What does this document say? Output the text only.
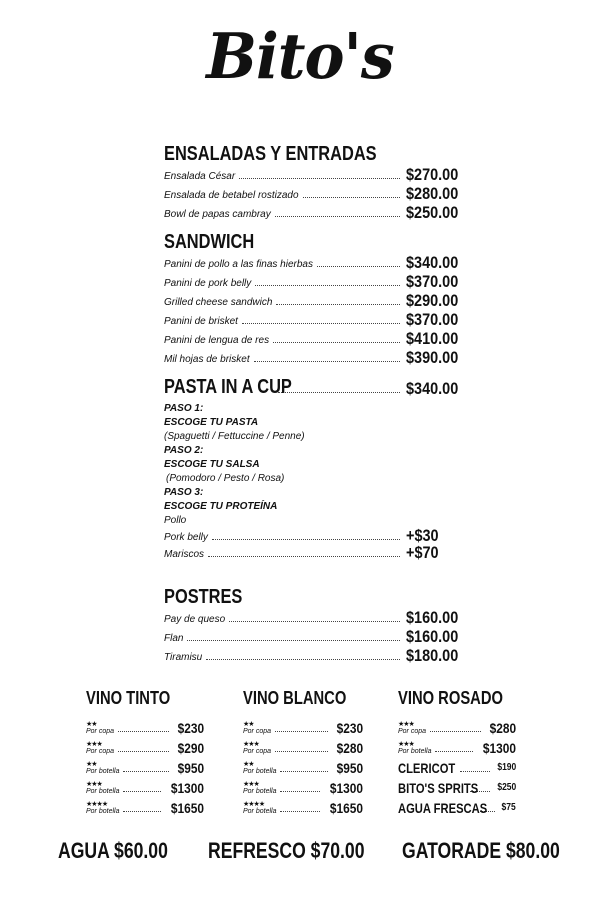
Bito's
ENSALADAS Y ENTRADAS
Ensalada César	$270.00
Ensalada de betabel rostizado	$280.00
Bowl de papas cambray	$250.00
SANDWICH
Panini de pollo a las finas hierbas	$340.00
Panini de pork belly	$370.00
Grilled cheese sandwich	$290.00
Panini de brisket	$370.00
Panini de lengua de res	$410.00
Mil hojas de brisket	$390.00
PASTA IN A CUP	$340.00
PASO 1:
ESCOGE TU PASTA
(Spaguetti / Fettuccine / Penne)
PASO 2:
ESCOGE TU SALSA
(Pomodoro / Pesto / Rosa)
PASO 3:
ESCOGE TU PROTEÍNA
Pollo
Pork belly	+$30
Mariscos	+$70
POSTRES
Pay de queso	$160.00
Flan	$160.00
Tiramisu	$180.00
VINO TINTO
★★
Por copa	$230
★★★
Por copa	$290
★★
Por botella	$950
★★★
Por botella	$1300
★★★★
Por botella	$1650
VINO BLANCO
★★
Por copa	$230
★★★
Por copa	$280
★★
Por botella	$950
★★★
Por botella	$1300
★★★★
Por botella	$1650
VINO ROSADO
★★★
Por copa	$280
★★★
Por botella	$1300
CLERICOT	$190
BITO'S SPRITS $250
AGUA FRESCAS $75
AGUA $60.00 REFRESCO $70.00 GATORADE $80.00
